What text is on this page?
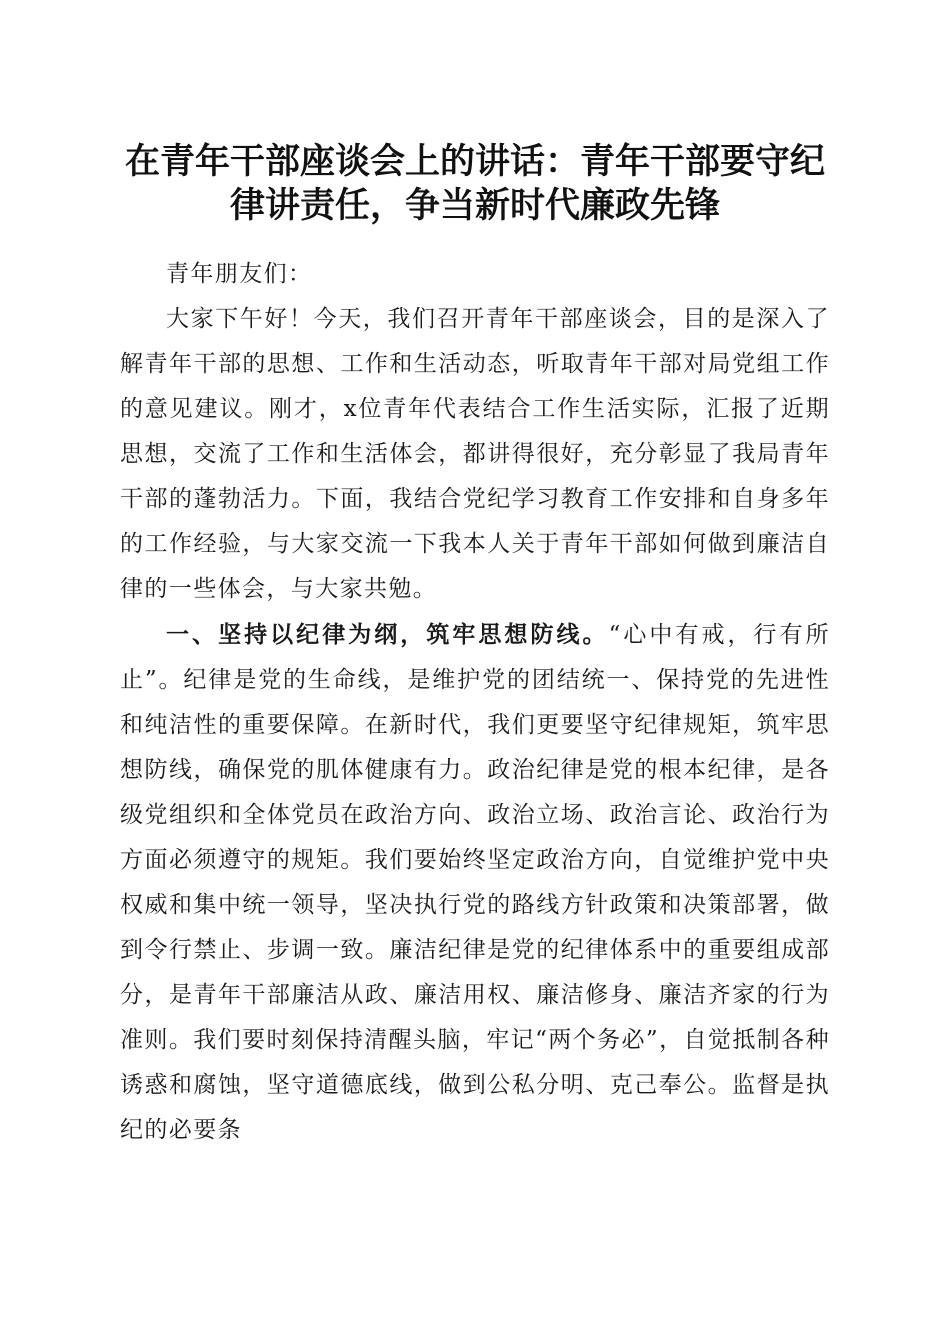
在青年干部座谈会上的讲话：青年干部要守纪
律讲责任，争当新时代廉政先锋

青年朋友们：

大家下午好！今天，我们召开青年干部座谈会，目的是深入了解青年干部的思想、工作和生活动态，听取青年干部对局党组工作的意见建议。刚才，x位青年代表结合工作生活实际，汇报了近期思想，交流了工作和生活体会，都讲得很好，充分彰显了我局青年干部的蓬勃活力。下面，我结合党纪学习教育工作安排和自身多年的工作经验，与大家交流一下我本人关于青年干部如何做到廉洁自律的一些体会，与大家共勉。

一、坚持以纪律为纲，筑牢思想防线。“心中有戒，行有所止”。纪律是党的生命线，是维护党的团结统一、保持党的先进性和纯洁性的重要保障。在新时代，我们更要坚守纪律规矩，筑牢思想防线，确保党的肌体健康有力。政治纪律是党的根本纪律，是各级党组织和全体党员在政治方向、政治立场、政治言论、政治行为方面必须遵守的规矩。我们要始终坚定政治方向，自觉维护党中央权威和集中统一领导，坚决执行党的路线方针政策和决策部署，做到令行禁止、步调一致。廉洁纪律是党的纪律体系中的重要组成部分，是青年干部廉洁从政、廉洁用权、廉洁修身、廉洁齐家的行为准则。我们要时刻保持清醒头脑，牢记“两个务必”，自觉抵制各种诱惑和腐蚀，坚守道德底线，做到公私分明、克己奉公。监督是执纪的必要条
